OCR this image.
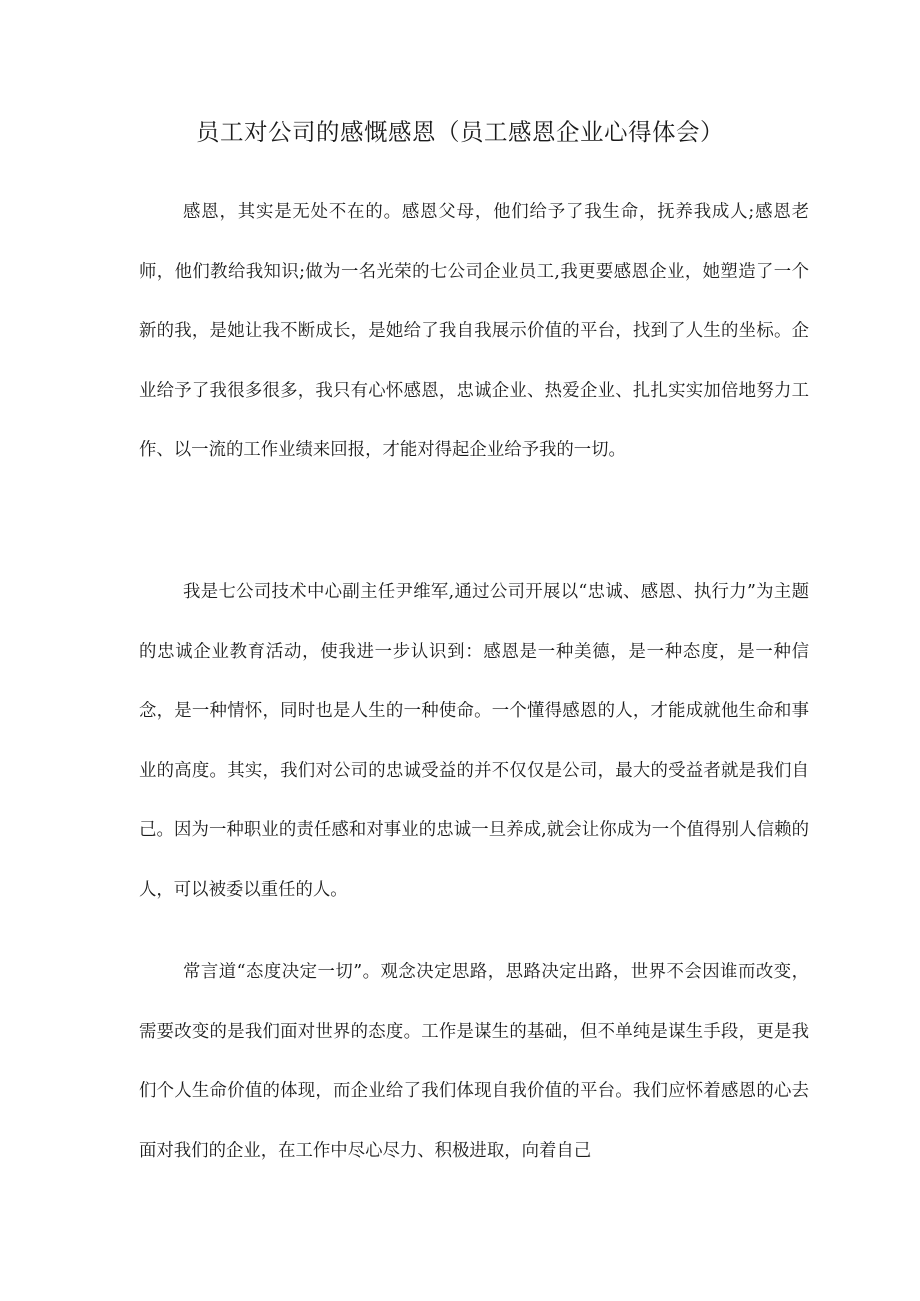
员工对公司的感慨感恩（员工感恩企业心得体会）

感恩，其实是无处不在的。感恩父母，他们给予了我生命，抚养我成人;感恩老师，他们教给我知识;做为一名光荣的七公司企业员工,我更要感恩企业，她塑造了一个新的我，是她让我不断成长，是她给了我自我展示价值的平台，找到了人生的坐标。企业给予了我很多很多，我只有心怀感恩，忠诚企业、热爱企业、扎扎实实加倍地努力工作、以一流的工作业绩来回报，才能对得起企业给予我的一切。

我是七公司技术中心副主任尹维军,通过公司开展以“忠诚、感恩、执行力”为主题的忠诚企业教育活动，使我进一步认识到：感恩是一种美德，是一种态度，是一种信念，是一种情怀，同时也是人生的一种使命。一个懂得感恩的人，才能成就他生命和事业的高度。其实，我们对公司的忠诚受益的并不仅仅是公司，最大的受益者就是我们自己。因为一种职业的责任感和对事业的忠诚一旦养成,就会让你成为一个值得别人信赖的人，可以被委以重任的人。

常言道“态度决定一切”。观念决定思路，思路决定出路，世界不会因谁而改变，需要改变的是我们面对世界的态度。工作是谋生的基础，但不单纯是谋生手段，更是我们个人生命价值的体现，而企业给了我们体现自我价值的平台。我们应怀着感恩的心去面对我们的企业，在工作中尽心尽力、积极进取，向着自己
